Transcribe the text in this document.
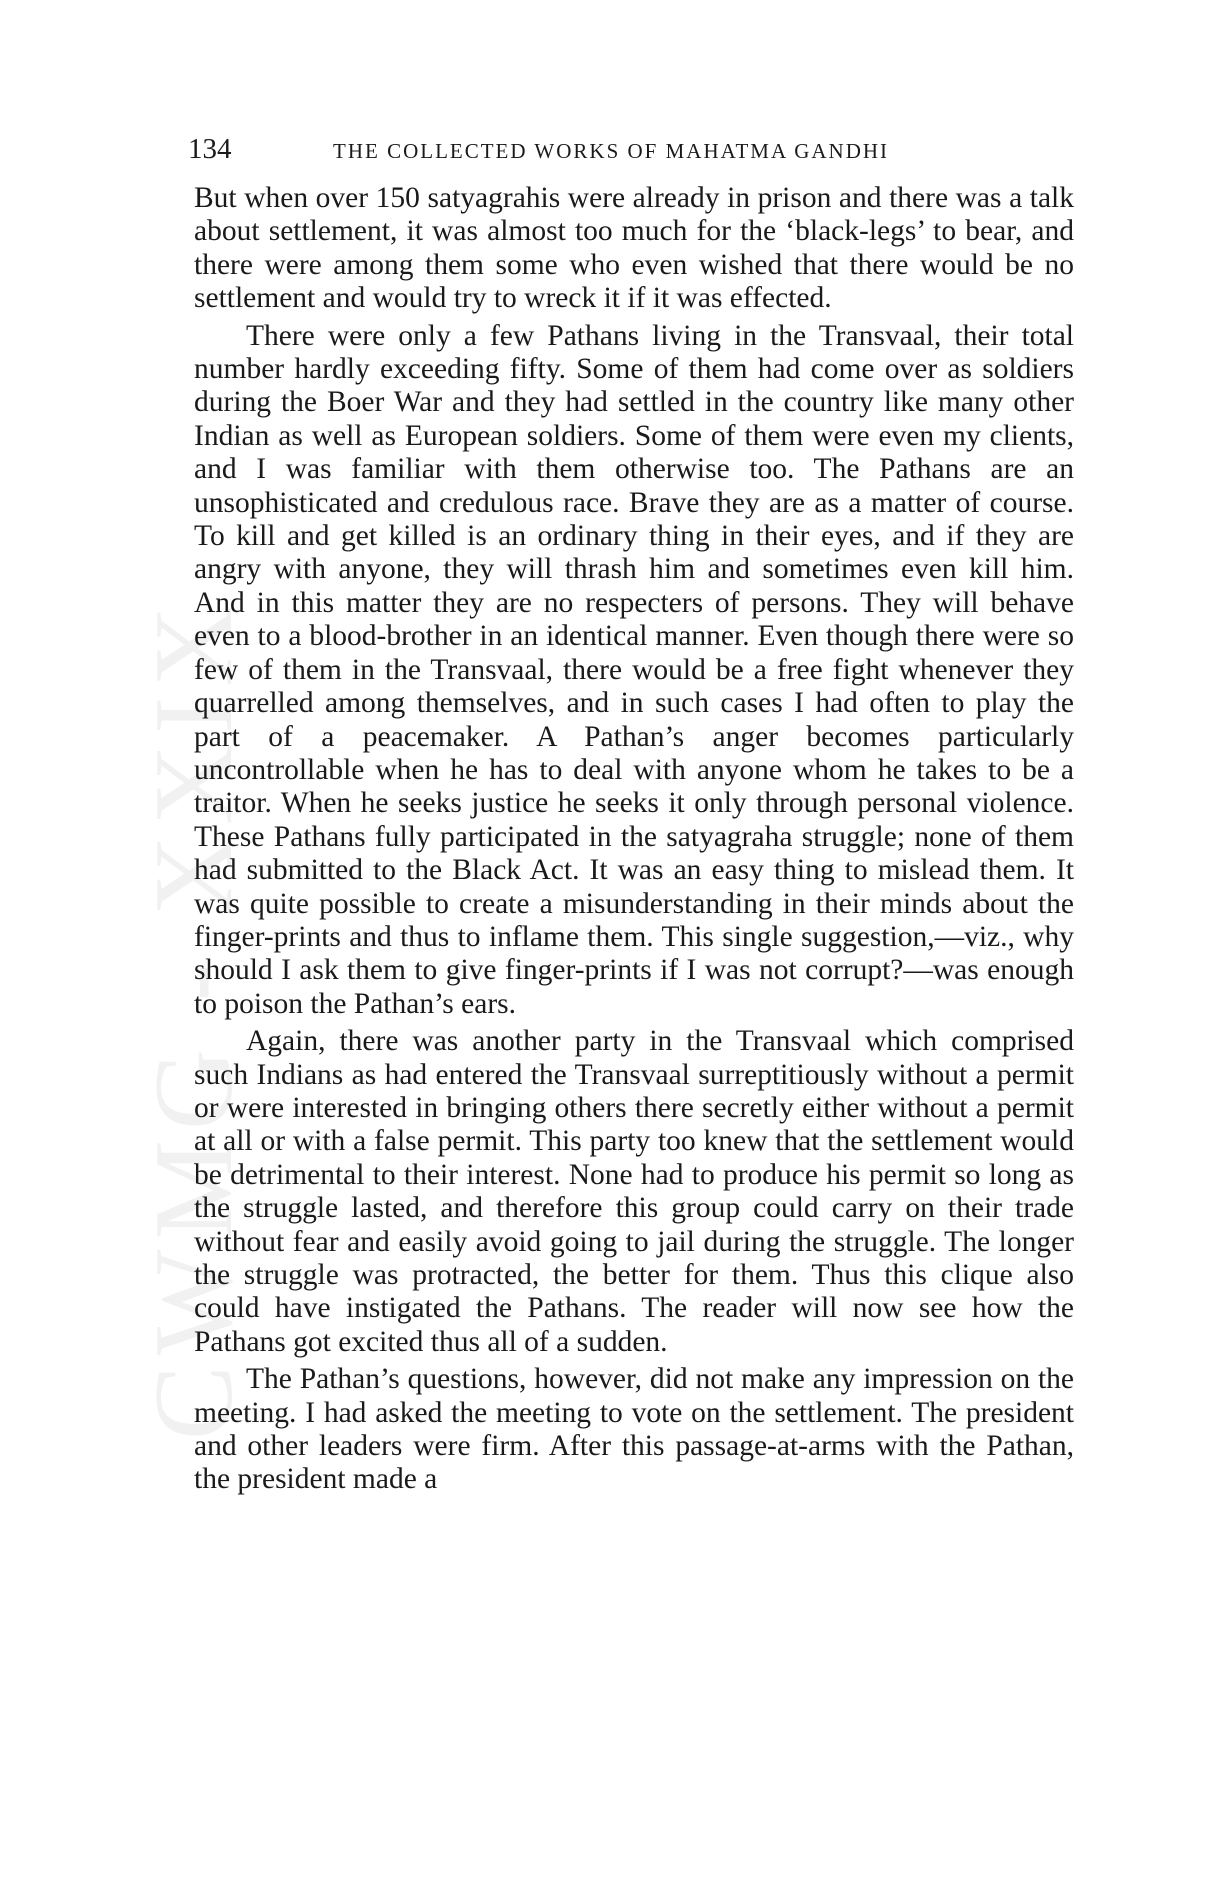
CWMG - XXIX
134	THE COLLECTED WORKS OF MAHATMA GANDHI

But when over 150 satyagrahis were already in prison and there was a talk about settlement, it was almost too much for the ‘black-legs’ to bear, and there were among them some who even wished that there would be no settlement and would try to wreck it if it was effected.

There were only a few Pathans living in the Transvaal, their total number hardly exceeding fifty. Some of them had come over as soldiers during the Boer War and they had settled in the country like many other Indian as well as European soldiers. Some of them were even my clients, and I was familiar with them otherwise too. The Pathans are an unsophisticated and credulous race. Brave they are as a matter of course. To kill and get killed is an ordinary thing in their eyes, and if they are angry with anyone, they will thrash him and sometimes even kill him. And in this matter they are no respecters of persons. They will behave even to a blood-brother in an identical manner. Even though there were so few of them in the Transvaal, there would be a free fight whenever they quarrelled among themselves, and in such cases I had often to play the part of a peacemaker. A Pathan’s anger becomes particularly uncontrollable when he has to deal with anyone whom he takes to be a traitor. When he seeks justice he seeks it only through personal violence. These Pathans fully participated in the satyagraha struggle; none of them had submitted to the Black Act. It was an easy thing to mislead them. It was quite possible to create a misunderstanding in their minds about the finger-prints and thus to inflame them. This single suggestion,—viz., why should I ask them to give finger-prints if I was not corrupt?—was enough to poison the Pathan’s ears.

Again, there was another party in the Transvaal which comprised such Indians as had entered the Transvaal surreptitiously without a permit or were interested in bringing others there secretly either without a permit at all or with a false permit. This party too knew that the settlement would be detrimental to their interest. None had to produce his permit so long as the struggle lasted, and therefore this group could carry on their trade without fear and easily avoid going to jail during the struggle. The longer the struggle was protracted, the better for them. Thus this clique also could have instigated the Pathans. The reader will now see how the Pathans got excited thus all of a sudden.

The Pathan’s questions, however, did not make any impression on the meeting. I had asked the meeting to vote on the settlement. The president and other leaders were firm. After this passage-at-arms with the Pathan, the president made a
